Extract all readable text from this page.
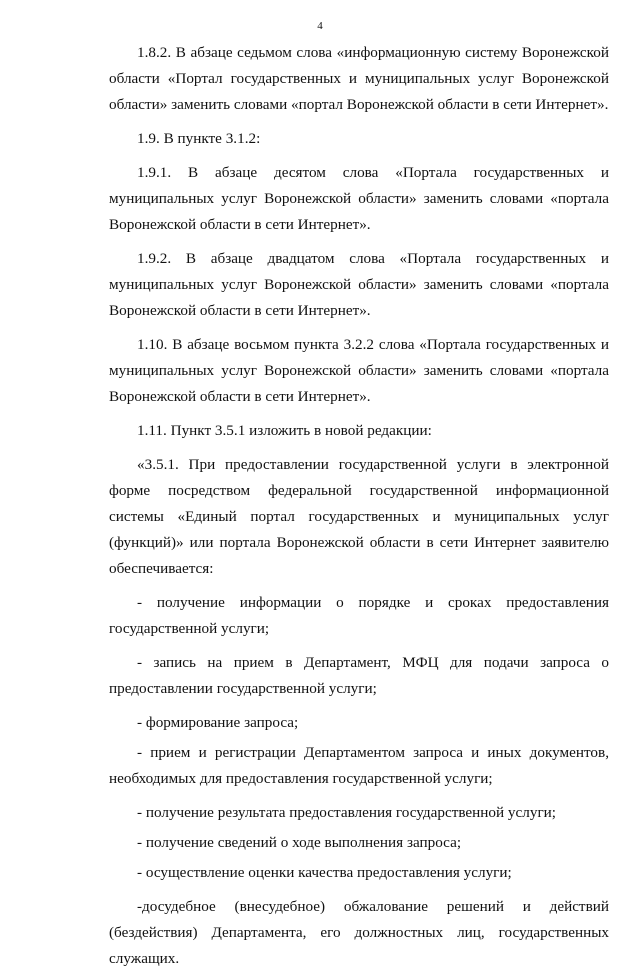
4

1.8.2. В абзаце седьмом слова «информационную систему Воронежской области «Портал государственных и муниципальных услуг Воронежской области» заменить словами «портал Воронежской области в сети Интернет».

1.9. В пункте 3.1.2:

1.9.1. В абзаце десятом слова «Портала государственных и муниципальных услуг Воронежской области» заменить словами «портала Воронежской области в сети Интернет».

1.9.2. В абзаце двадцатом слова «Портала государственных и муниципальных услуг Воронежской области» заменить словами «портала Воронежской области в сети Интернет».

1.10. В абзаце восьмом пункта 3.2.2 слова «Портала государственных и муниципальных услуг Воронежской области» заменить словами «портала Воронежской области в сети Интернет».

1.11. Пункт 3.5.1 изложить в новой редакции:

«3.5.1. При предоставлении государственной услуги в электронной форме посредством федеральной государственной информационной системы «Единый портал государственных и муниципальных услуг (функций)» или портала Воронежской области в сети Интернет заявителю обеспечивается:

- получение информации о порядке и сроках предоставления государственной услуги;

- запись на прием в Департамент, МФЦ для подачи запроса о предоставлении государственной услуги;

- формирование запроса;

- прием и регистрации Департаментом запроса и иных документов, необходимых для предоставления государственной услуги;

- получение результата предоставления государственной услуги;

- получение сведений о ходе выполнения запроса;

- осуществление оценки качества предоставления услуги;

-досудебное (внесудебное) обжалование решений и действий (бездействия) Департамента, его должностных лиц, государственных служащих.
